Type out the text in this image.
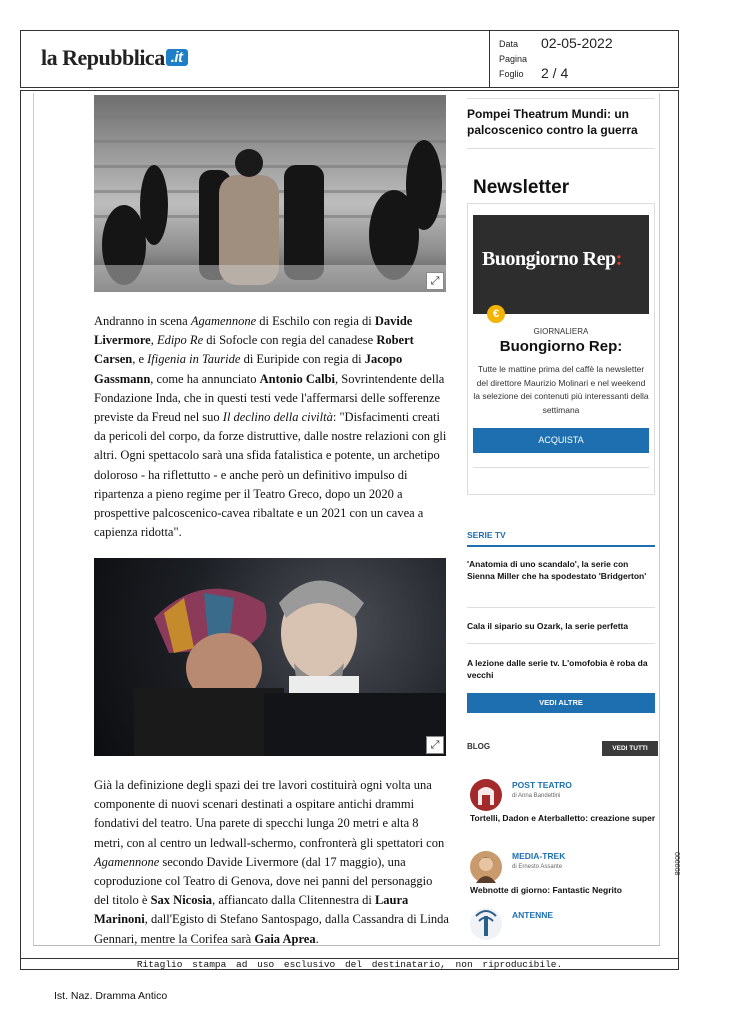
la Repubblica .it
Data	02-05-2022
Pagina
Foglio	2 / 4
⤢
Andranno in scena Agamennone di Eschilo con regia di Davide Livermore, Edipo Re di Sofocle con regia del canadese Robert Carsen, e Ifigenia in Tauride di Euripide con regia di Jacopo Gassmann, come ha annunciato Antonio Calbi, Sovrintendente della Fondazione Inda, che in questi testi vede l'affermarsi delle sofferenze previste da Freud nel suo Il declino della civiltà: "Disfacimenti creati da pericoli del corpo, da forze distruttive, dalle nostre relazioni con gli altri. Ogni spettacolo sarà una sfida fatalistica e potente, un archetipo doloroso - ha riflettutto - e anche però un definitivo impulso di ripartenza a pieno regime per il Teatro Greco, dopo un 2020 a prospettive palcoscenico-cavea ribaltate e un 2021 con un cavea a capienza ridotta".
⤢
Già la definizione degli spazi dei tre lavori costituirà ogni volta una componente di nuovi scenari destinati a ospitare antichi drammi fondativi del teatro. Una parete di specchi lunga 20 metri e alta 8 metri, con al centro un ledwall-schermo, confronterà gli spettatori con Agamennone secondo Davide Livermore (dal 17 maggio), una coproduzione col Teatro di Genova, dove nei panni del personaggio del titolo è Sax Nicosia, affiancato dalla Clitennestra di Laura Marinoni, dall'Egisto di Stefano Santospago, dalla Cassandra di Linda Gennari, mentre la Corifea sarà Gaia Aprea.
Pompei Theatrum Mundi: un palcoscenico contro la guerra
Newsletter
Buongiorno Rep:
€
GIORNALIERA
Buongiorno Rep:
Tutte le mattine prima del caffè la newsletter del direttore Maurizio Molinari e nel weekend la selezione dei contenuti più interessanti della settimana
ACQUISTA
SERIE TV
'Anatomia di uno scandalo', la serie con Sienna Miller che ha spodestato 'Bridgerton'
Cala il sipario su Ozark, la serie perfetta
A lezione dalle serie tv. L'omofobia è roba da vecchi
VEDI ALTRE
BLOG	VEDI TUTTI
POST TEATRO
di Anna Bandettini
Tortelli, Dadon e Aterballetto: creazione super
MEDIA-TREK
di Ernesto Assante
Webnotte di giorno: Fantastic Negrito
ANTENNE
006608
Ritaglio stampa ad uso esclusivo del destinatario, non riproducibile.
Ist. Naz. Dramma Antico
